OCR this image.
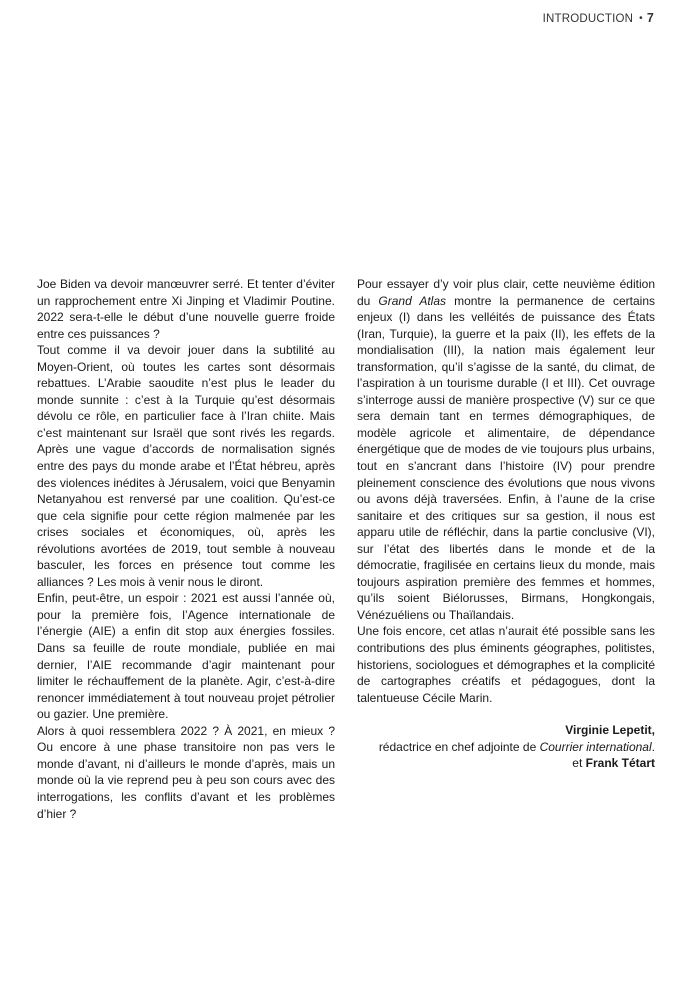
INTRODUCTION • 7

Joe Biden va devoir manœuvrer serré. Et tenter d’éviter un rapprochement entre Xi Jinping et Vladimir Poutine. 2022 sera-t-elle le début d’une nouvelle guerre froide entre ces puissances ?

Tout comme il va devoir jouer dans la subtilité au Moyen-Orient, où toutes les cartes sont désormais rebattues. L’Arabie saoudite n’est plus le leader du monde sunnite : c’est à la Turquie qu’est désormais dévolu ce rôle, en particulier face à l’Iran chiite. Mais c’est maintenant sur Israël que sont rivés les regards. Après une vague d’accords de normalisation signés entre des pays du monde arabe et l’État hébreu, après des violences inédites à Jérusalem, voici que Benyamin Netanyahou est renversé par une coalition. Qu’est-ce que cela signifie pour cette région malmenée par les crises sociales et économiques, où, après les révolutions avortées de 2019, tout semble à nouveau basculer, les forces en présence tout comme les alliances ? Les mois à venir nous le diront.

Enfin, peut-être, un espoir : 2021 est aussi l’année où, pour la première fois, l’Agence internationale de l’énergie (AIE) a enfin dit stop aux énergies fossiles. Dans sa feuille de route mondiale, publiée en mai dernier, l’AIE recommande d’agir maintenant pour limiter le réchauffement de la planète. Agir, c’est-à-dire renoncer immédiatement à tout nouveau projet pétrolier ou gazier. Une première.

Alors à quoi ressemblera 2022 ? À 2021, en mieux ? Ou encore à une phase transitoire non pas vers le monde d’avant, ni d’ailleurs le monde d’après, mais un monde où la vie reprend peu à peu son cours avec des interrogations, les conflits d’avant et les problèmes d’hier ?

Pour essayer d’y voir plus clair, cette neuvième édition du Grand Atlas montre la permanence de certains enjeux (I) dans les velléités de puissance des États (Iran, Turquie), la guerre et la paix (II), les effets de la mondialisation (III), la nation mais également leur transformation, qu’il s’agisse de la santé, du climat, de l’aspiration à un tourisme durable (I et III). Cet ouvrage s’interroge aussi de manière prospective (V) sur ce que sera demain tant en termes démographiques, de modèle agricole et alimentaire, de dépendance énergétique que de modes de vie toujours plus urbains, tout en s’ancrant dans l’histoire (IV) pour prendre pleinement conscience des évolutions que nous vivons ou avons déjà traversées. Enfin, à l’aune de la crise sanitaire et des critiques sur sa gestion, il nous est apparu utile de réfléchir, dans la partie conclusive (VI), sur l’état des libertés dans le monde et de la démocratie, fragilisée en certains lieux du monde, mais toujours aspiration première des femmes et hommes, qu’ils soient Biélorusses, Birmans, Hongkongais, Vénézuéliens ou Thaïlandais.

Une fois encore, cet atlas n’aurait été possible sans les contributions des plus éminents géographes, politistes, historiens, sociologues et démographes et la complicité de cartographes créatifs et pédagogues, dont la talentueuse Cécile Marin.

Virginie Lepetit,
rédactrice en chef adjointe de Courrier international.
et Frank Tétart
